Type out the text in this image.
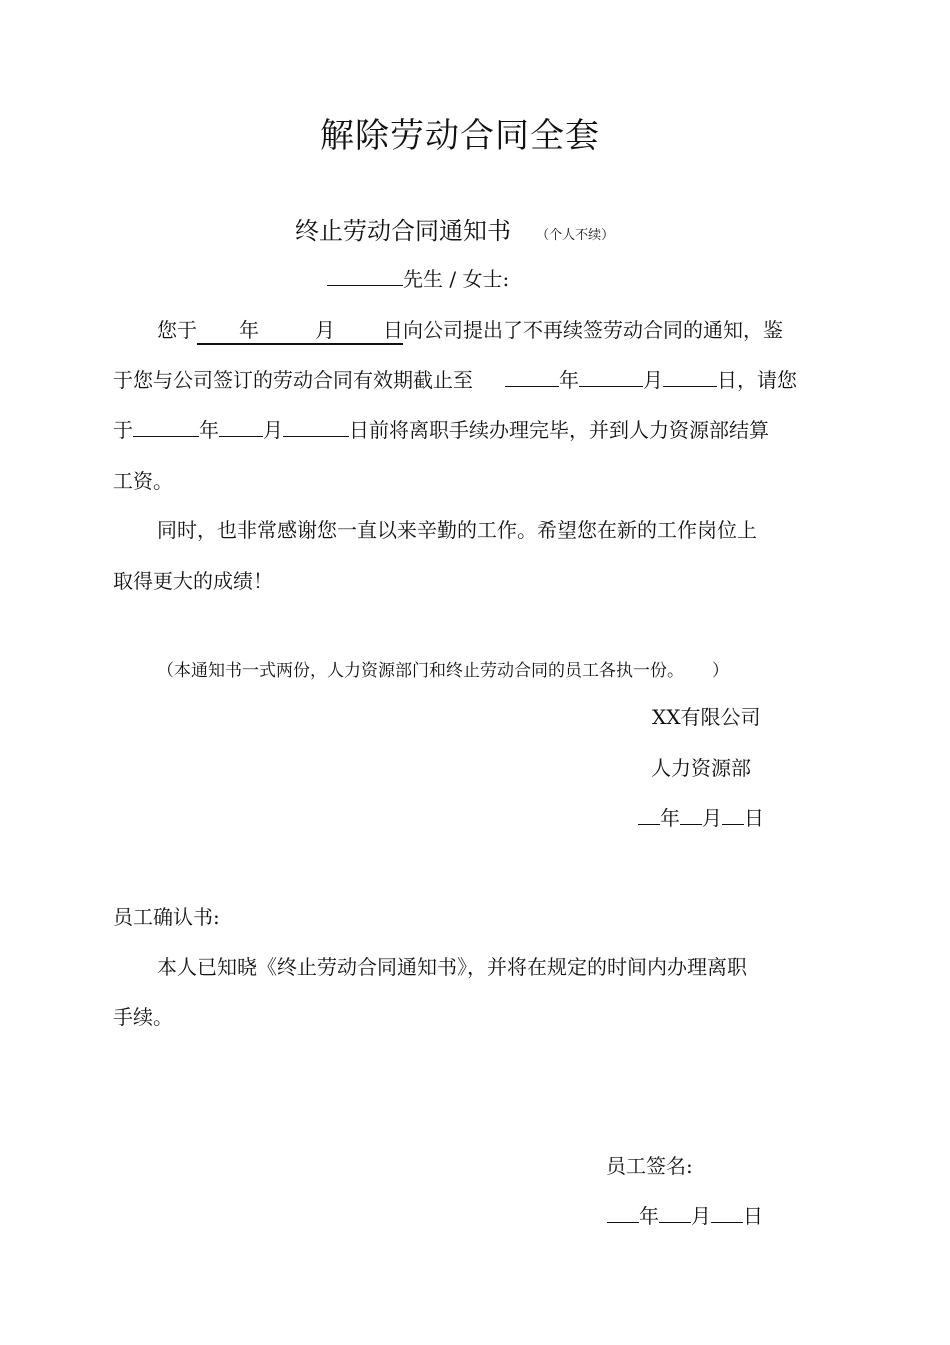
解除劳动合同全套
终止劳动合同通知书 （个人不续）
先生 / 女士:
您于 年	月 日向公司提出了不再续签劳动合同的通知，鉴
于您与公司签订的劳动合同有效期截止至	年	月	日，请您
于	年 月	日前将离职手续办理完毕，并到人力资源部结算
工资。
同时，也非常感谢您一直以来辛勤的工作。希望您在新的工作岗位上
取得更大的成绩！
（本通知书一式两份，人力资源部门和终止劳动合同的员工各执一份。 ）
XX有限公司
人力资源部
年 月 日
员工确认书:
本人已知晓《终止劳动合同通知书》，并将在规定的时间内办理离职
手续。
员工签名:
年 月 日
